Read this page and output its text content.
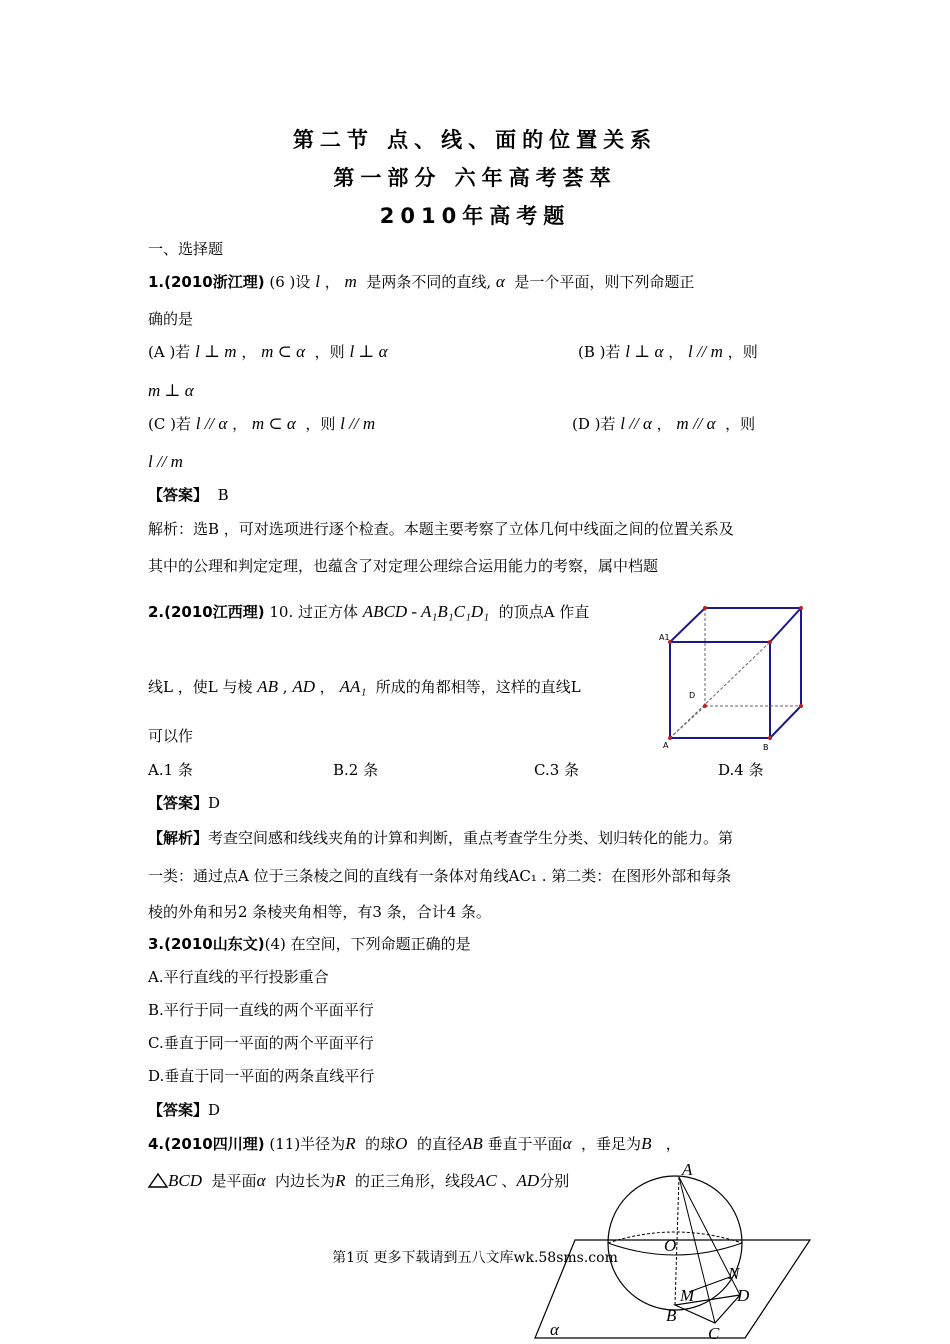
第二节 点、线、面的位置关系
第一部分 六年高考荟萃
2010年高考题
一、选择题
1.(2010浙江理) (6 )设 l ， m 是两条不同的直线, α 是一个平面，则下列命题正
确的是
(A )若 l ⊥ m ， m ⊂ α ，则 l ⊥ α	(B )若 l ⊥ α ， l // m ，则
m ⊥ α
(C )若 l // α ， m ⊂ α ，则 l // m	(D )若 l // α ， m // α ，则
l // m
【答案】 B
解析：选B ，可对选项进行逐个检查。本题主要考察了立体几何中线面之间的位置关系及
其中的公理和判定定理，也蕴含了对定理公理综合运用能力的考察，属中档题
2.(2010江西理) 10. 过正方体 ABCD - A₁B₁C₁D₁ 的顶点A 作直
线L ，使L 与棱 AB , AD ， AA₁ 所成的角都相等，这样的直线L
可以作
A1
D
A	B
A.1 条	B.2 条	C.3 条	D.4 条
【答案】D
【解析】考查空间感和线线夹角的计算和判断，重点考查学生分类、划归转化的能力。第
一类：通过点A 位于三条棱之间的直线有一条体对角线AC₁ . 第二类：在图形外部和每条
棱的外角和另2 条棱夹角相等，有3 条，合计4 条。
3.(2010山东文)(4) 在空间，下列命题正确的是
A.平行直线的平行投影重合
B.平行于同一直线的两个平面平行
C.垂直于同一平面的两个平面平行
D.垂直于同一平面的两条直线平行
【答案】D
4.(2010四川理) (11)半径为R 的球O 的直径AB 垂直于平面α ，垂足为B ，
BCD 是平面α 内边长为R 的正三角形，线段AC 、AD分别
A
O
N
M	D
B
C
α
第1页 更多下载请到五八文库wk.58sms.com
